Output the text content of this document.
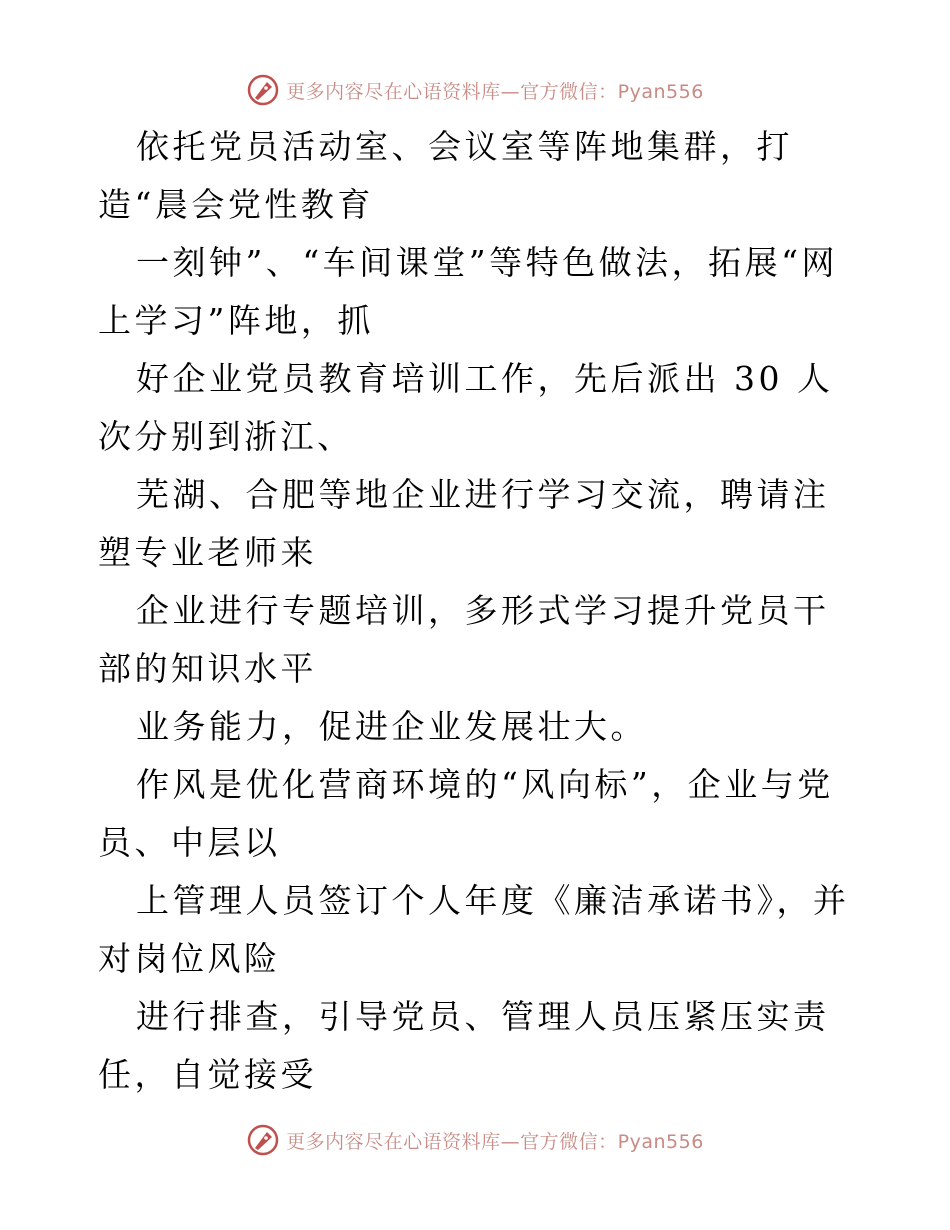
更多内容尽在心语资料库—官方微信：Pyan556

依托党员活动室、会议室等阵地集群，打造“晨会党性教育

一刻钟”、“车间课堂”等特色做法，拓展“网上学习”阵地，抓

好企业党员教育培训工作，先后派出 30 人次分别到浙江、

芜湖、合肥等地企业进行学习交流，聘请注塑专业老师来

企业进行专题培训，多形式学习提升党员干部的知识水平

业务能力，促进企业发展壮大。

作风是优化营商环境的“风向标”，企业与党员、中层以

上管理人员签订个人年度《廉洁承诺书》，并对岗位风险

进行排查，引导党员、管理人员压紧压实责任，自觉接受

更多内容尽在心语资料库—官方微信：Pyan556
